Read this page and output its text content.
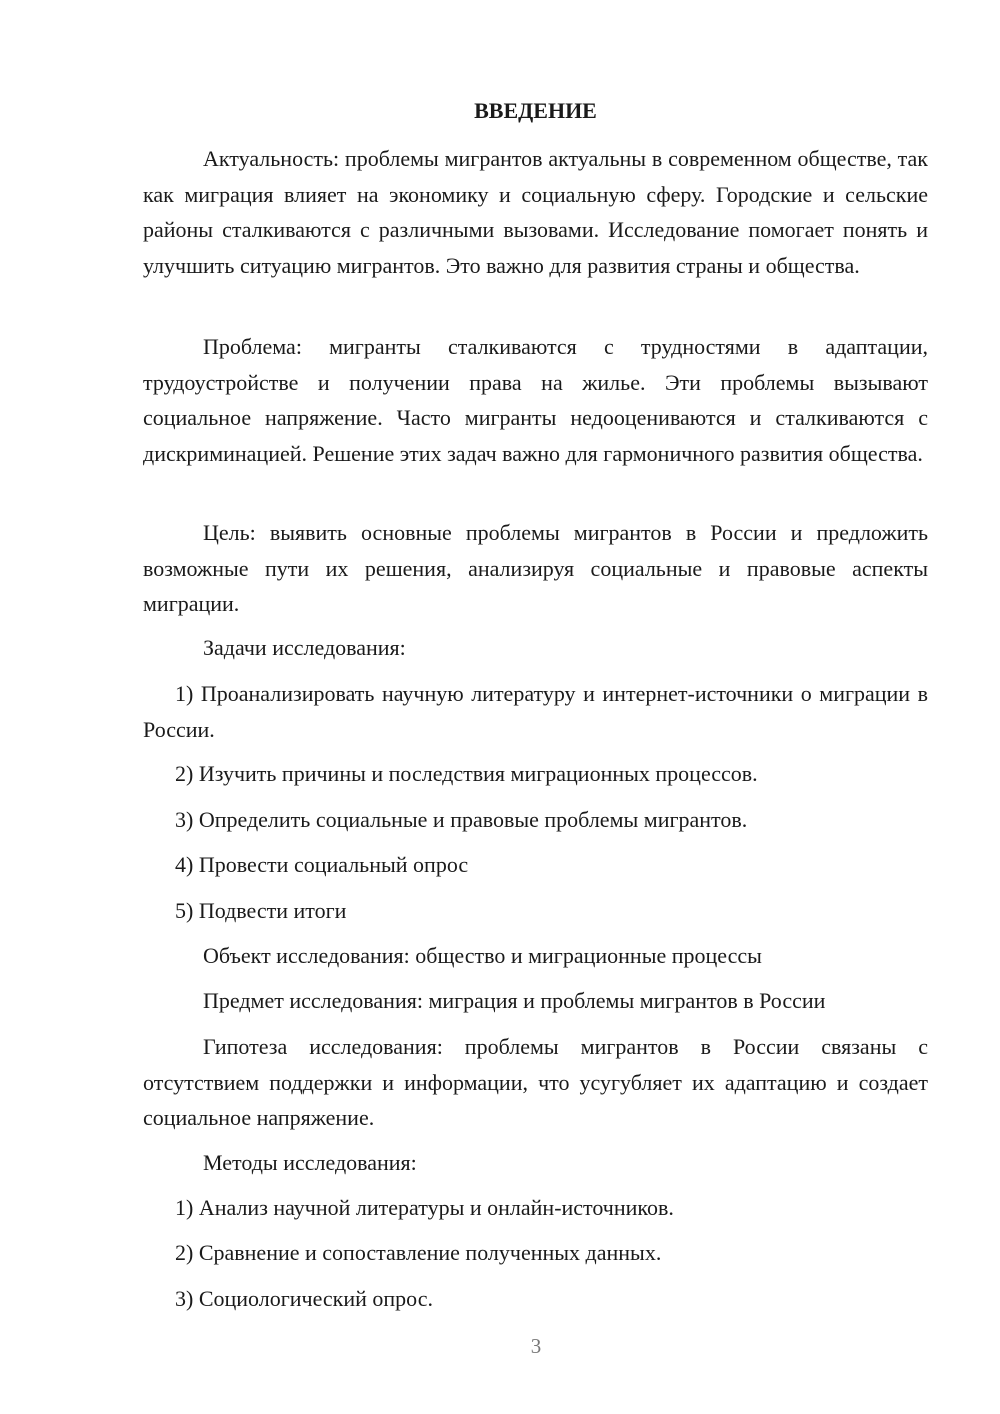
ВВЕДЕНИЕ

Актуальность: проблемы мигрантов актуальны в современном обществе, так как миграция влияет на экономику и социальную сферу. Городские и сельские районы сталкиваются с различными вызовами. Исследование помогает понять и улучшить ситуацию мигрантов. Это важно для развития страны и общества.

Проблема: мигранты сталкиваются с трудностями в адаптации, трудоустройстве и получении права на жилье. Эти проблемы вызывают социальное напряжение. Часто мигранты недооцениваются и сталкиваются с дискриминацией. Решение этих задач важно для гармоничного развития общества.

Цель: выявить основные проблемы мигрантов в России и предложить возможные пути их решения, анализируя социальные и правовые аспекты миграции.

Задачи исследования:

1) Проанализировать научную литературу и интернет-источники о миграции в России.

2) Изучить причины и последствия миграционных процессов.

3) Определить социальные и правовые проблемы мигрантов.

4) Провести социальный опрос

5) Подвести итоги

Объект исследования: общество и миграционные процессы

Предмет исследования: миграция и проблемы мигрантов в России

Гипотеза исследования: проблемы мигрантов в России связаны с отсутствием поддержки и информации, что усугубляет их адаптацию и создает социальное напряжение.

Методы исследования:

1) Анализ научной литературы и онлайн-источников.

2) Сравнение и сопоставление полученных данных.

3) Социологический опрос.

3
